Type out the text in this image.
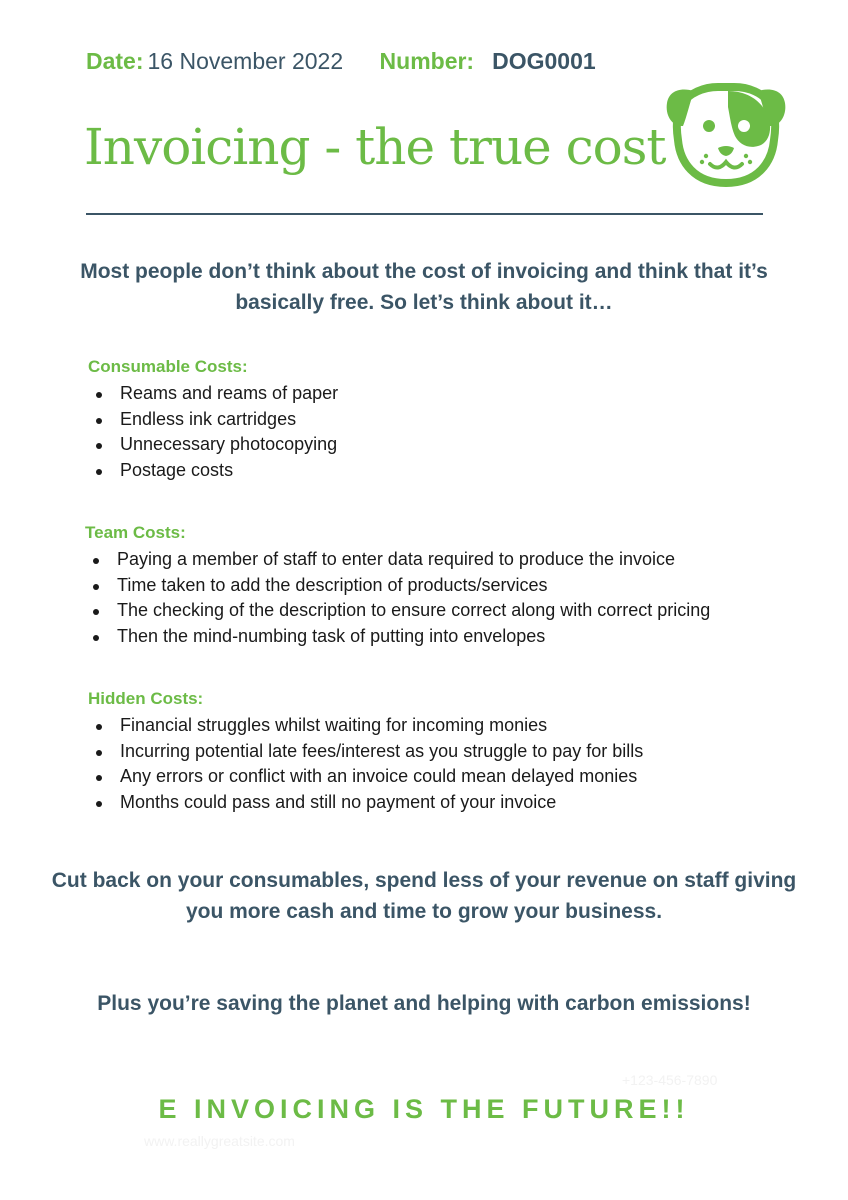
Date: 16 November 2022 Number: DOG0001
Invoicing - the true cost

Most people don’t think about the cost of invoicing and think that it’s basically free. So let’s think about it…

Consumable Costs:
Reams and reams of paper
Endless ink cartridges
Unnecessary photocopying
Postage costs
Team Costs:
Paying a member of staff to enter data required to produce the invoice
Time taken to add the description of products/services
The checking of the description to ensure correct along with correct pricing
Then the mind-numbing task of putting into envelopes
Hidden Costs:
Financial struggles whilst waiting for incoming monies
Incurring potential late fees/interest as you struggle to pay for bills
Any errors or conflict with an invoice could mean delayed monies
Months could pass and still no payment of your invoice

Cut back on your consumables, spend less of your revenue on staff giving you more cash and time to grow your business.

Plus you’re saving the planet and helping with carbon emissions!

+123-456-7890
www.reallygreatsite.com
E INVOICING IS THE FUTURE!!
